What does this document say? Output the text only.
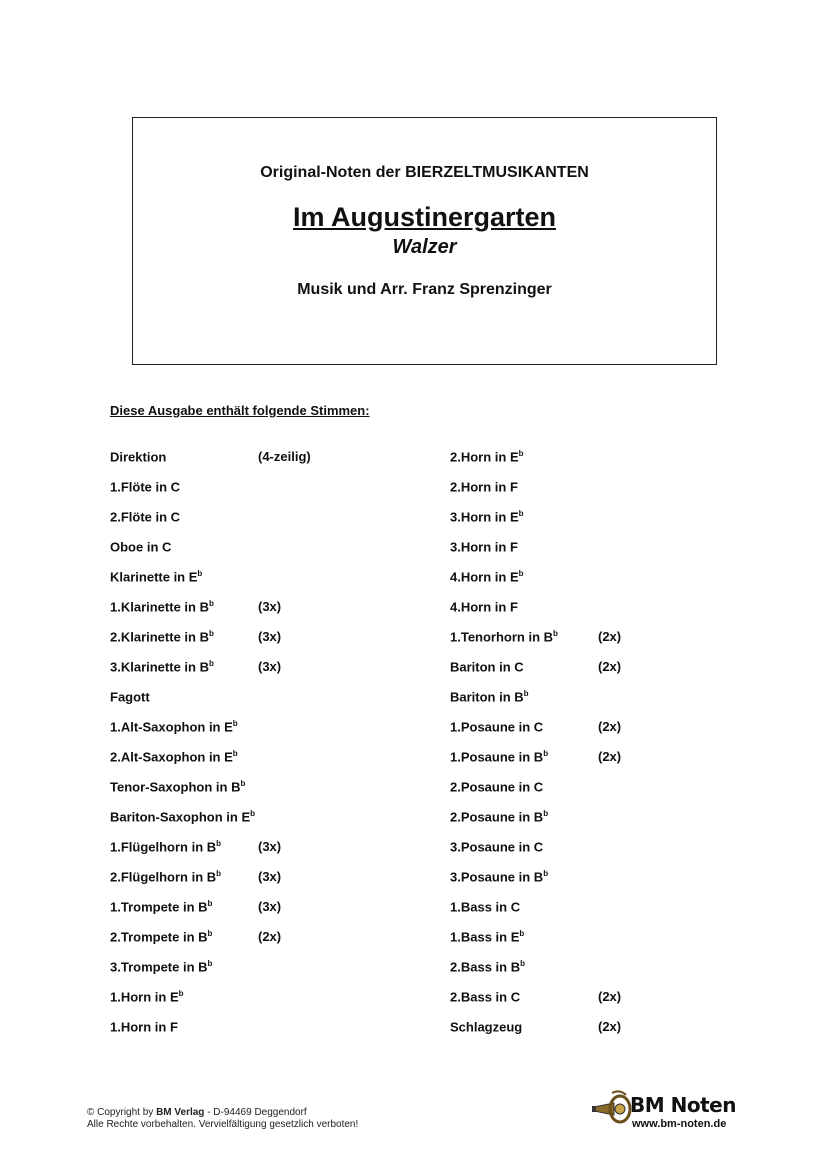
Original-Noten der BIERZELTMUSIKANTEN
Im Augustinergarten
Walzer
Musik und Arr. Franz Sprenzinger
Diese Ausgabe enthält folgende Stimmen:
Direktion	(4-zeilig)
1.Flöte in C
2.Flöte in C
Oboe in C
Klarinette in $E^b$
1.Klarinette in $B^b$	(3x)
2.Klarinette in $B^b$	(3x)
3.Klarinette in $B^b$	(3x)
Fagott
1.Alt-Saxophon in $E^b$
2.Alt-Saxophon in $E^b$
Tenor-Saxophon in $B^b$
Bariton-Saxophon in $E^b$
1.Flügelhorn in $B^b$	(3x)
2.Flügelhorn in $B^b$	(3x)
1.Trompete in $B^b$	(3x)
2.Trompete in $B^b$	(2x)
3.Trompete in $B^b$
1.Horn in $E^b$
1.Horn in F
2.Horn in $E^b$
2.Horn in F
3.Horn in $E^b$
3.Horn in F
4.Horn in $E^b$
4.Horn in F
1.Tenorhorn in $B^b$	(2x)
Bariton in C	(2x)
Bariton in $B^b$
1.Posaune in C	(2x)
1.Posaune in $B^b$	(2x)
2.Posaune in C
2.Posaune in $B^b$
3.Posaune in C
3.Posaune in $B^b$
1.Bass in C
1.Bass in $E^b$
2.Bass in $B^b$
2.Bass in C	(2x)
Schlagzeug	(2x)
© Copyright by BM Verlag - D-94469 Deggendorf
Alle Rechte vorbehalten. Vervielfältigung gesetzlich verboten!
BM Noten
www.bm-noten.de
